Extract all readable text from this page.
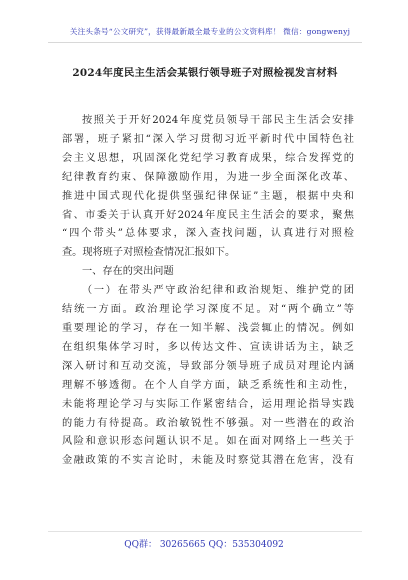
关注头条号“公文研究”，获得最新最全最专业的公文资料库！ 微信：gongwenyj
2024年度民主生活会某银行领导班子对照检视发言材料
按照关于开好2024年度党员领导干部民主生活会安排
部署，班子紧扣“深入学习贯彻习近平新时代中国特色社
会主义思想，巩固深化党纪学习教育成果，综合发挥党的
纪律教育约束、保障激励作用，为进一步全面深化改革、
推进中国式现代化提供坚强纪律保证”主题，根据中央和
省、市委关于认真开好2024年度民主生活会的要求，聚焦
“四个带头”总体要求，深入查找问题，认真进行对照检
查。现将班子对照检查情况汇报如下。
一、存在的突出问题
（一）在带头严守政治纪律和政治规矩、维护党的团
结统一方面。政治理论学习深度不足。对“两个确立”等
重要理论的学习，存在一知半解、浅尝辄止的情况。例如
在组织集体学习时，多以传达文件、宣读讲话为主，缺乏
深入研讨和互动交流，导致部分领导班子成员对理论内涵
理解不够透彻。在个人自学方面，缺乏系统性和主动性，
未能将理论学习与实际工作紧密结合，运用理论指导实践
的能力有待提高。政治敏锐性不够强。对一些潜在的政治
风险和意识形态问题认识不足。如在面对网络上一些关于
金融政策的不实言论时，未能及时察觉其潜在危害，没有
QQ群： 30265665 QQ：535304092
